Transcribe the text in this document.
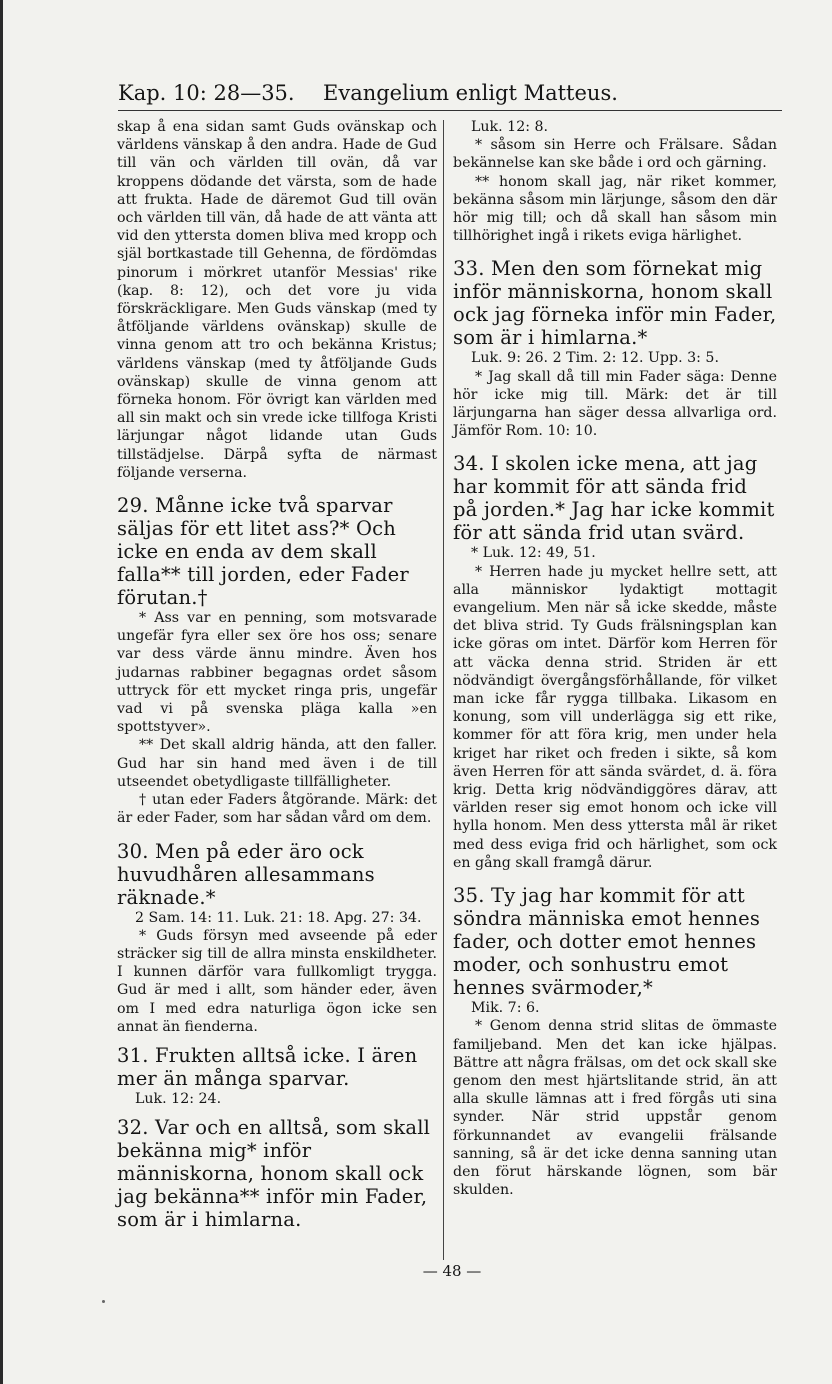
Kap. 10: 28—35. Evangelium enligt Matteus.

skap å ena sidan samt Guds ovänskap och världens vänskap å den andra. Hade de Gud till vän och världen till ovän, då var kroppens dödande det värsta, som de hade att frukta. Hade de däremot Gud till ovän och världen till vän, då hade de att vänta att vid den yttersta domen bliva med kropp och själ bortkastade till Gehenna, de fördömdas pinorum i mörkret utanför Messias' rike (kap. 8: 12), och det vore ju vida förskräckligare. Men Guds vänskap (med ty åtföljande världens ovänskap) skulle de vinna genom att tro och bekänna Kristus; världens vänskap (med ty åtföljande Guds ovänskap) skulle de vinna genom att förneka honom. För övrigt kan världen med all sin makt och sin vrede icke tillfoga Kristi lärjungar något lidande utan Guds tillstädjelse. Därpå syfta de närmast följande verserna.

29. Månne icke två sparvar säljas för ett litet ass?* Och icke en enda av dem skall falla** till jorden, eder Fader förutan.†

* Ass var en penning, som motsvarade ungefär fyra eller sex öre hos oss; senare var dess värde ännu mindre. Även hos judarnas rabbiner begagnas ordet såsom uttryck för ett mycket ringa pris, ungefär vad vi på svenska pläga kalla »en spottstyver».

** Det skall aldrig hända, att den faller. Gud har sin hand med även i de till utseendet obetydligaste tillfälligheter.

† utan eder Faders åtgörande. Märk: det är eder Fader, som har sådan vård om dem.

30. Men på eder äro ock huvudhåren allesammans räknade.*

2 Sam. 14: 11. Luk. 21: 18. Apg. 27: 34.

* Guds försyn med avseende på eder sträcker sig till de allra minsta enskildheter. I kunnen därför vara fullkomligt trygga. Gud är med i allt, som händer eder, även om I med edra naturliga ögon icke sen annat än fienderna.

31. Frukten alltså icke. I ären mer än många sparvar.

Luk. 12: 24.

32. Var och en alltså, som skall bekänna mig* inför människorna, honom skall ock jag bekänna** inför min Fader, som är i himlarna.

Luk. 12: 8.

* såsom sin Herre och Frälsare. Sådan bekännelse kan ske både i ord och gärning.

** honom skall jag, när riket kommer, bekänna såsom min lärjunge, såsom den där hör mig till; och då skall han såsom min tillhörighet ingå i rikets eviga härlighet.

33. Men den som förnekat mig inför människorna, honom skall ock jag förneka inför min Fader, som är i himlarna.*

Luk. 9: 26. 2 Tim. 2: 12. Upp. 3: 5.

* Jag skall då till min Fader säga: Denne hör icke mig till. Märk: det är till lärjungarna han säger dessa allvarliga ord. Jämför Rom. 10: 10.

34. I skolen icke mena, att jag har kommit för att sända frid på jorden.* Jag har icke kommit för att sända frid utan svärd.

* Luk. 12: 49, 51.

* Herren hade ju mycket hellre sett, att alla människor lydaktigt mottagit evangelium. Men när så icke skedde, måste det bliva strid. Ty Guds frälsningsplan kan icke göras om intet. Därför kom Herren för att väcka denna strid. Striden är ett nödvändigt övergångsförhållande, för vilket man icke får rygga tillbaka. Likasom en konung, som vill underlägga sig ett rike, kommer för att föra krig, men under hela kriget har riket och freden i sikte, så kom även Herren för att sända svärdet, d. ä. föra krig. Detta krig nödvändiggöres därav, att världen reser sig emot honom och icke vill hylla honom. Men dess yttersta mål är riket med dess eviga frid och härlighet, som ock en gång skall framgå därur.

35. Ty jag har kommit för att söndra människa emot hennes fader, och dotter emot hennes moder, och sonhustru emot hennes svärmoder,*

Mik. 7: 6.

* Genom denna strid slitas de ömmaste familjeband. Men det kan icke hjälpas. Bättre att några frälsas, om det ock skall ske genom den mest hjärtslitande strid, än att alla skulle lämnas att i fred förgås uti sina synder. När strid uppstår genom förkunnandet av evangelii frälsande sanning, så är det icke denna sanning utan den förut härskande lögnen, som bär skulden.

— 48 —
